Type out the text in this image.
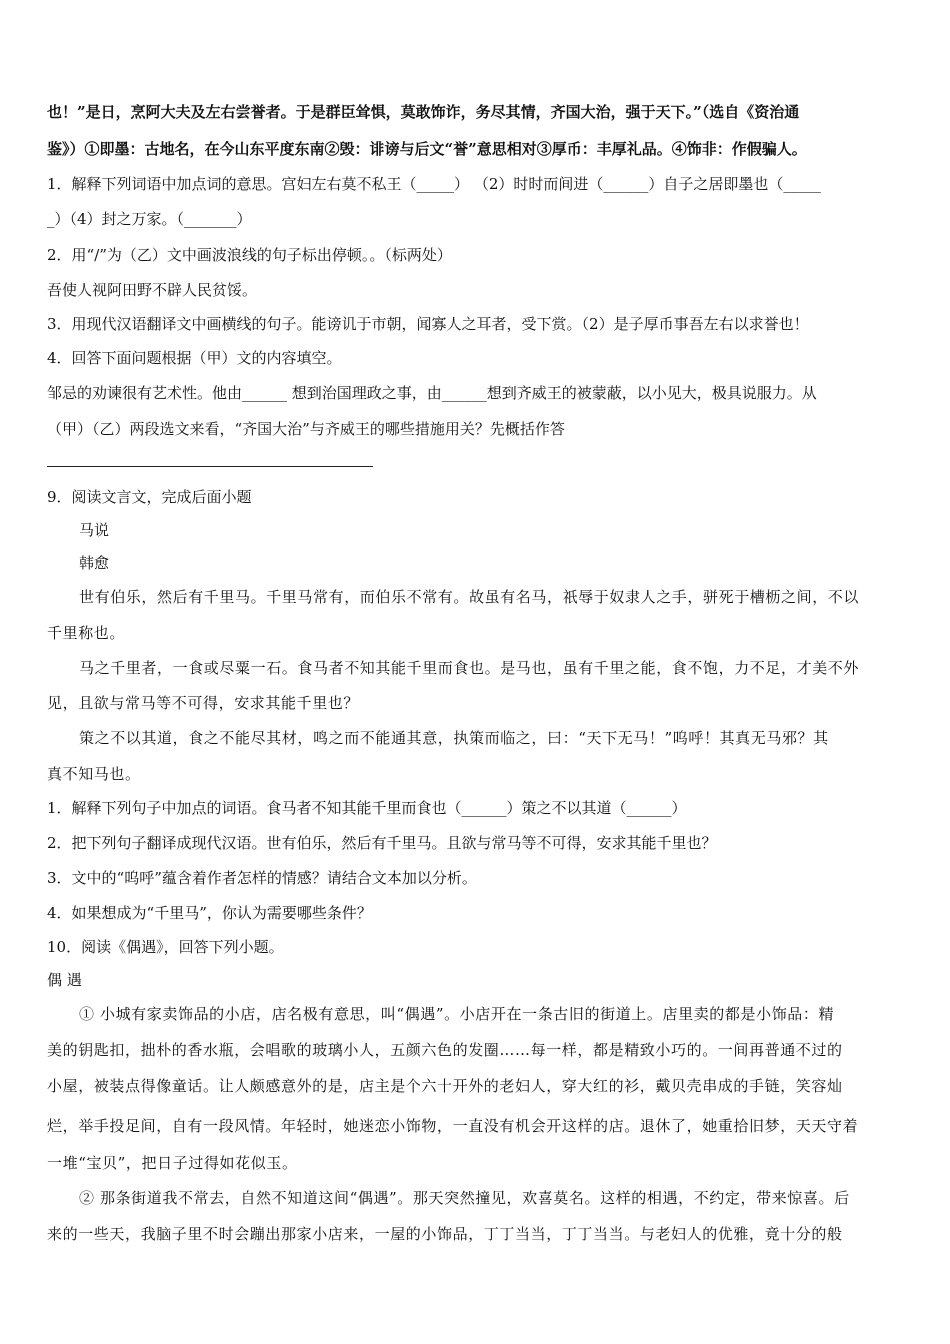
也！”是日，烹阿大夫及左右尝誉者。于是群臣耸惧，莫敢饰诈，务尽其情，齐国大治，强于天下。”（选自《资治通
鉴》）①即墨：古地名，在今山东平度东南②毁：诽谤与后文“誉”意思相对③厚币：丰厚礼品。④饰非：作假骗人。
1．解释下列词语中加点词的意思。宫妇左右莫不私王（_____） （2）时时而间进（______）自子之居即墨也（_____
_）（4）封之万家。（_______）
2．用“/”为（乙）文中画波浪线的句子标出停顿。。（标两处）
吾使人视阿田野不辟人民贫馁。
3．用现代汉语翻译文中画横线的句子。能谤讥于市朝，闻寡人之耳者，受下赏。（2）是子厚币事吾左右以求誉也！
4．回答下面问题根据（甲）文的内容填空。
邹忌的劝谏很有艺术性。他由______ 想到治国理政之事，由______想到齐威王的被蒙蔽，以小见大，极具说服力。从
（甲）（乙）两段选文来看，“齐国大治”与齐威王的哪些措施用关？先概括作答
9．阅读文言文，完成后面小题
马说
韩愈
世有伯乐，然后有千里马。千里马常有，而伯乐不常有。故虽有名马，祇辱于奴隶人之手，骈死于槽枥之间，不以
千里称也。
马之千里者，一食或尽粟一石。食马者不知其能千里而食也。是马也，虽有千里之能，食不饱，力不足，才美不外
见，且欲与常马等不可得，安求其能千里也？
策之不以其道，食之不能尽其材，鸣之而不能通其意，执策而临之，曰：“天下无马！”呜呼！其真无马邪？其
真不知马也。
1．解释下列句子中加点的词语。食马者不知其能千里而食也（______）策之不以其道（______）
2．把下列句子翻译成现代汉语。世有伯乐，然后有千里马。且欲与常马等不可得，安求其能千里也？
3．文中的“呜呼”蕴含着作者怎样的情感？请结合文本加以分析。
4．如果想成为“千里马”，你认为需要哪些条件？
10．阅读《偶遇》，回答下列小题。
偶 遇
① 小城有家卖饰品的小店，店名极有意思，叫“偶遇”。小店开在一条古旧的街道上。店里卖的都是小饰品：精
美的钥匙扣，拙朴的香水瓶，会唱歌的玻璃小人，五颜六色的发圈……每一样，都是精致小巧的。一间再普通不过的
小屋，被装点得像童话。让人颇感意外的是，店主是个六十开外的老妇人，穿大红的衫，戴贝壳串成的手链，笑容灿
烂，举手投足间，自有一段风情。年轻时，她迷恋小饰物，一直没有机会开这样的店。退休了，她重拾旧梦，天天守着
一堆“宝贝”，把日子过得如花似玉。
② 那条街道我不常去，自然不知道这间“偶遇”。那天突然撞见，欢喜莫名。这样的相遇，不约定，带来惊喜。后
来的一些天，我脑子里不时会蹦出那家小店来，一屋的小饰品，丁丁当当，丁丁当当。与老妇人的优雅，竟十分的般
